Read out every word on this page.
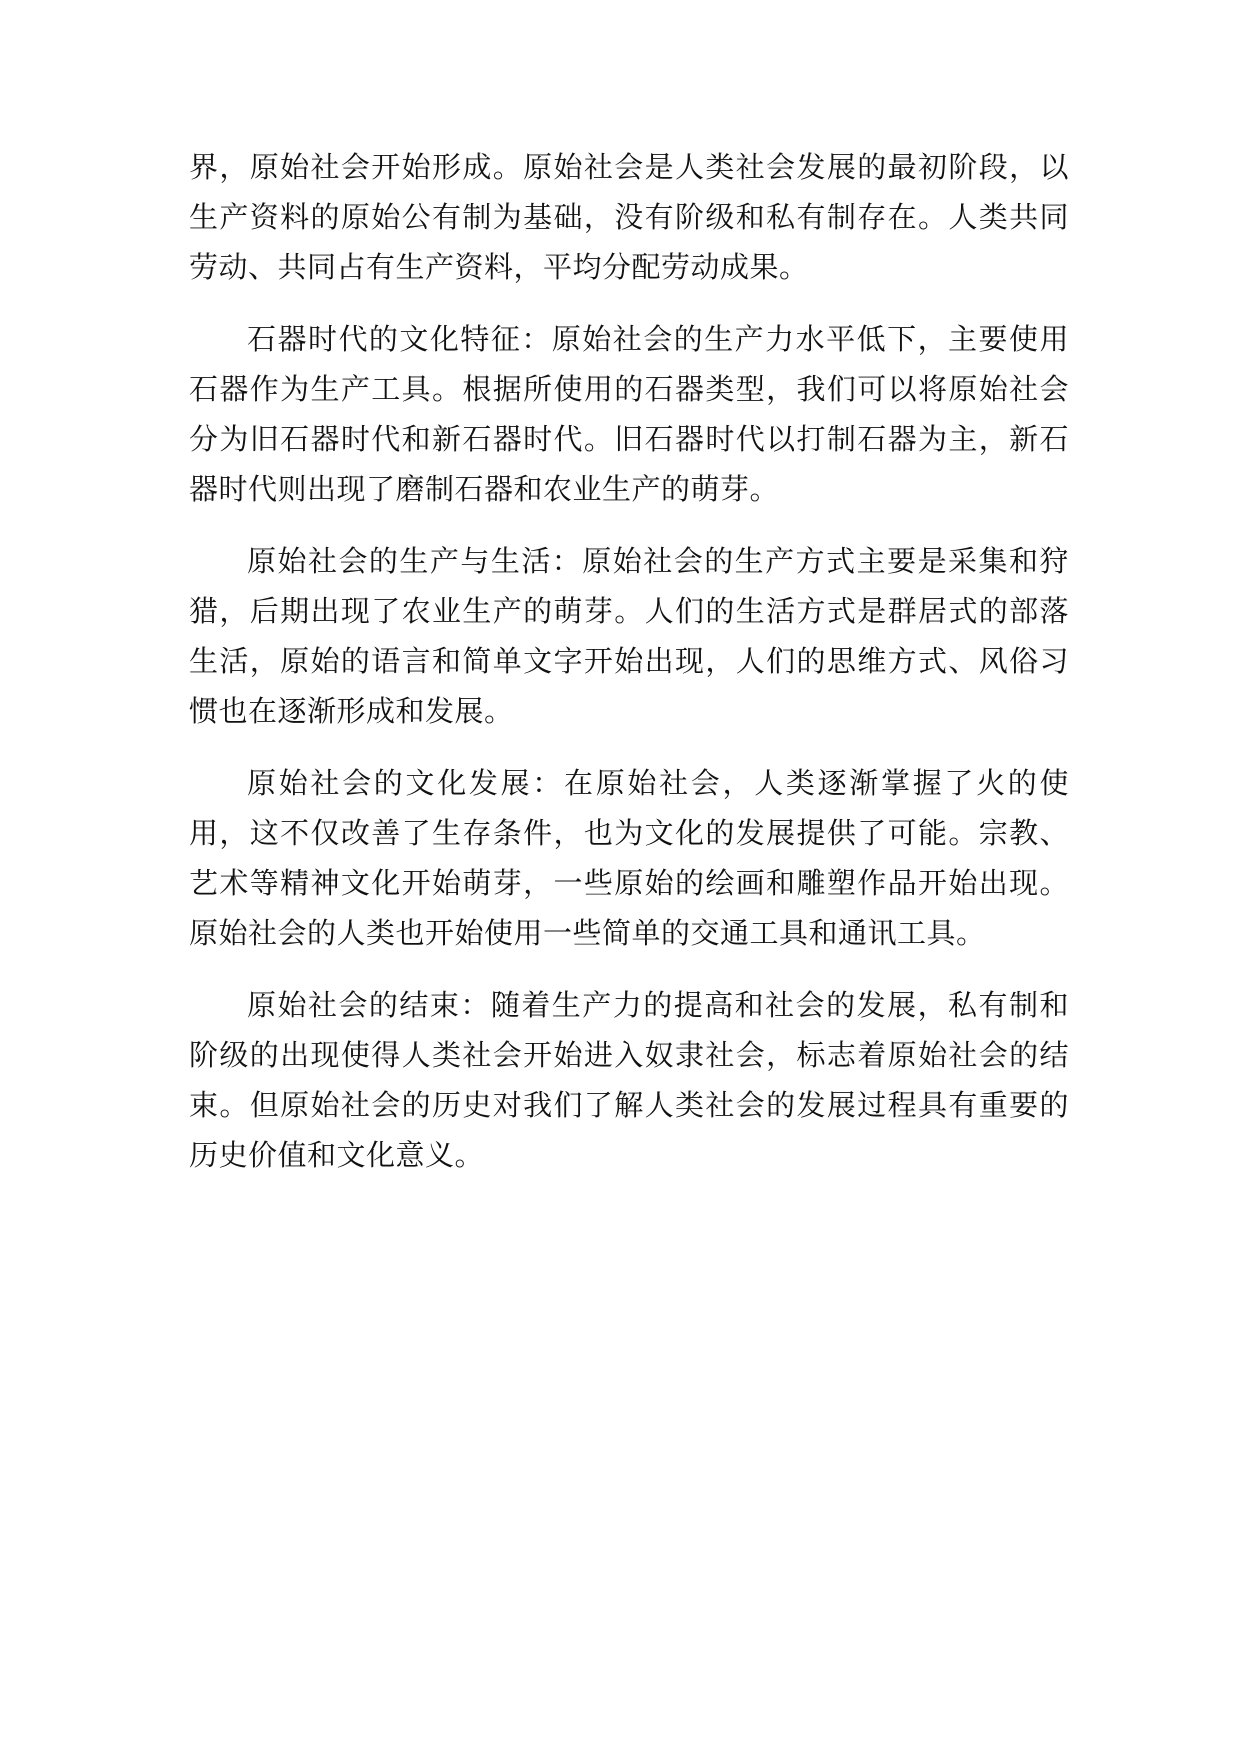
界，原始社会开始形成。原始社会是人类社会发展的最初阶段，以生产资料的原始公有制为基础，没有阶级和私有制存在。人类共同劳动、共同占有生产资料，平均分配劳动成果。

石器时代的文化特征：原始社会的生产力水平低下，主要使用石器作为生产工具。根据所使用的石器类型，我们可以将原始社会分为旧石器时代和新石器时代。旧石器时代以打制石器为主，新石器时代则出现了磨制石器和农业生产的萌芽。

原始社会的生产与生活：原始社会的生产方式主要是采集和狩猎，后期出现了农业生产的萌芽。人们的生活方式是群居式的部落生活，原始的语言和简单文字开始出现，人们的思维方式、风俗习惯也在逐渐形成和发展。

原始社会的文化发展：在原始社会，人类逐渐掌握了火的使用，这不仅改善了生存条件，也为文化的发展提供了可能。宗教、艺术等精神文化开始萌芽，一些原始的绘画和雕塑作品开始出现。原始社会的人类也开始使用一些简单的交通工具和通讯工具。

原始社会的结束：随着生产力的提高和社会的发展，私有制和阶级的出现使得人类社会开始进入奴隶社会，标志着原始社会的结束。但原始社会的历史对我们了解人类社会的发展过程具有重要的历史价值和文化意义。
